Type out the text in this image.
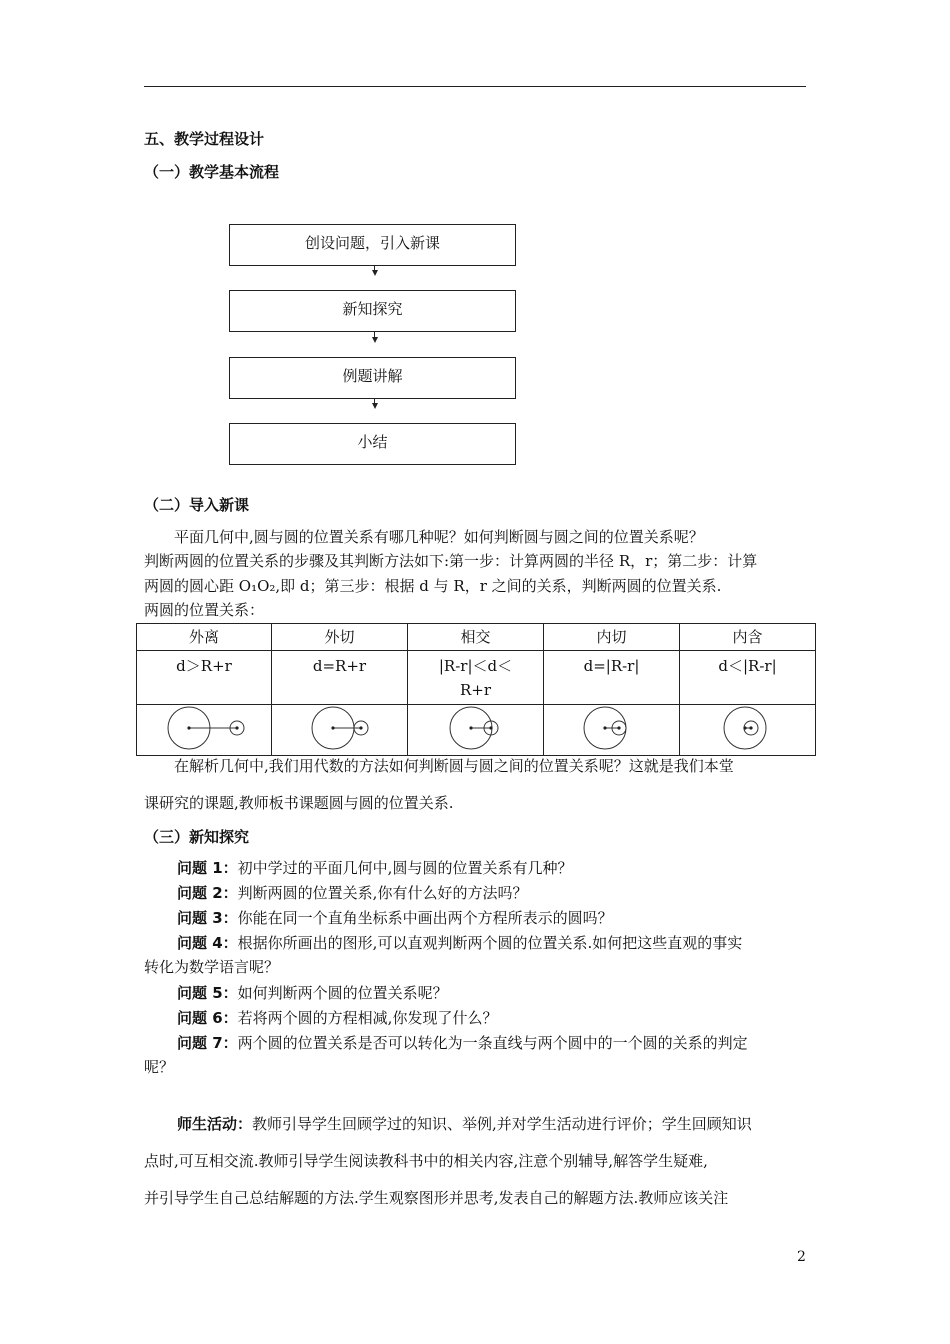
五、教学过程设计
（一）教学基本流程
创设问题，引入新课
新知探究
例题讲解
小结
（二）导入新课
平面几何中,圆与圆的位置关系有哪几种呢？如何判断圆与圆之间的位置关系呢？
判断两圆的位置关系的步骤及其判断方法如下:第一步：计算两圆的半径 R，r；第二步：计算
两圆的圆心距 O₁O₂,即 d；第三步：根据 d 与 R，r 之间的关系，判断两圆的位置关系.
两圆的位置关系：
外离	外切	相交	内切	内含
d＞R+r	d=R+r	|R-r|＜d＜R+r	d=|R-r|	d＜|R-r|

在解析几何中,我们用代数的方法如何判断圆与圆之间的位置关系呢？这就是我们本堂
课研究的课题,教师板书课题圆与圆的位置关系.
（三）新知探究
问题 1：初中学过的平面几何中,圆与圆的位置关系有几种？
问题 2：判断两圆的位置关系,你有什么好的方法吗？
问题 3：你能在同一个直角坐标系中画出两个方程所表示的圆吗？
问题 4：根据你所画出的图形,可以直观判断两个圆的位置关系.如何把这些直观的事实
转化为数学语言呢？
问题 5：如何判断两个圆的位置关系呢？
问题 6：若将两个圆的方程相减,你发现了什么？
问题 7：两个圆的位置关系是否可以转化为一条直线与两个圆中的一个圆的关系的判定
呢？
师生活动：教师引导学生回顾学过的知识、举例,并对学生活动进行评价；学生回顾知识
点时,可互相交流.教师引导学生阅读教科书中的相关内容,注意个别辅导,解答学生疑难,
并引导学生自己总结解题的方法.学生观察图形并思考,发表自己的解题方法.教师应该关注
2
